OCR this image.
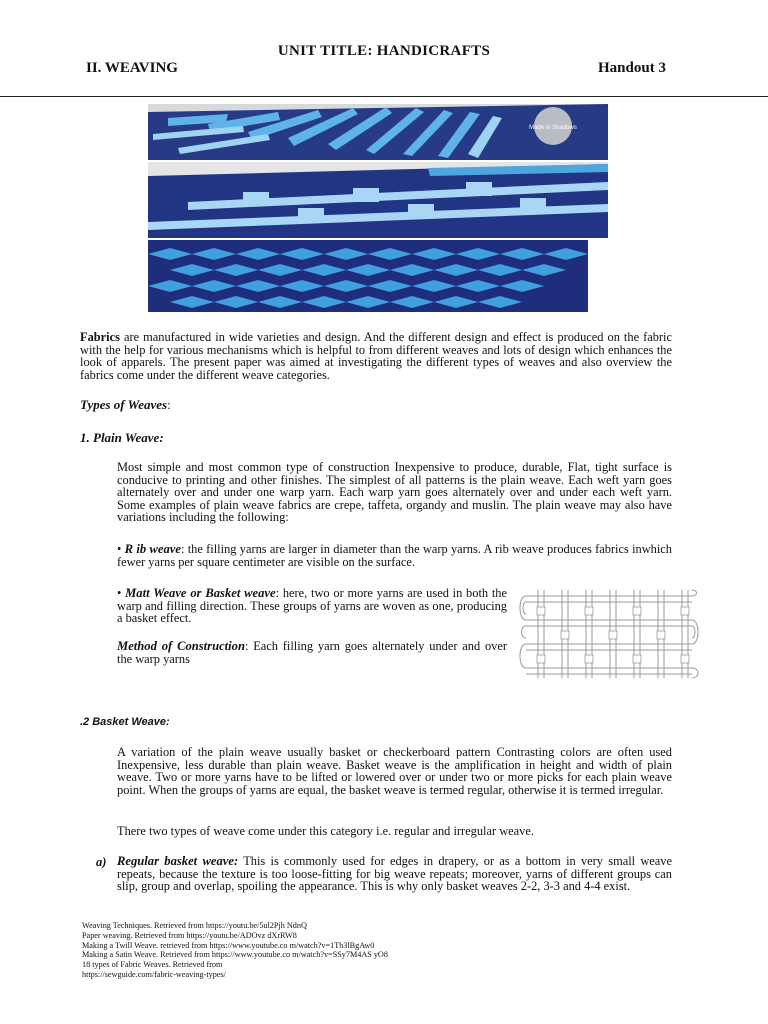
UNIT TITLE: HANDICRAFTS
II. WEAVING	Handout 3
Made in Shadows
Fabrics are manufactured in wide varieties and design. And the different design and effect is produced on the fabric with the help for various mechanisms which is helpful to from different weaves and lots of design which enhances the look of apparels. The present paper was aimed at investigating the different types of weaves and also overview the fabrics come under the different weave categories.
Types of Weaves:
1. Plain Weave:
Most simple and most common type of construction Inexpensive to produce, durable, Flat, tight surface is conducive to printing and other finishes. The simplest of all patterns is the plain weave. Each weft yarn goes alternately over and under one warp yarn. Each warp yarn goes alternately over and under each weft yarn. Some examples of plain weave fabrics are crepe, taffeta, organdy and muslin. The plain weave may also have variations including the following:
• R ib weave: the filling yarns are larger in diameter than the warp yarns. A rib weave produces fabrics inwhich fewer yarns per square centimeter are visible on the surface.
• Matt Weave or Basket weave: here, two or more yarns are used in both the warp and filling direction. These groups of yarns are woven as one, producing a basket effect.
Method of Construction: Each filling yarn goes alternately under and over the warp yarns
.2 Basket Weave:
A variation of the plain weave usually basket or checkerboard pattern Contrasting colors are often used Inexpensive, less durable than plain weave. Basket weave is the amplification in height and width of plain weave. Two or more yarns have to be lifted or lowered over or under two or more picks for each plain weave point. When the groups of yarns are equal, the basket weave is termed regular, otherwise it is termed irregular.
There two types of weave come under this category i.e. regular and irregular weave.
a) Regular basket weave: This is commonly used for edges in drapery, or as a bottom in very small weave repeats, because the texture is too loose-fitting for big weave repeats; moreover, yarns of different groups can slip, group and overlap, spoiling the appearance. This is why only basket weaves 2-2, 3-3 and 4-4 exist.
Weaving Techniques. Retrieved from https://youtu.be/5ul2Pjh NdnQ
Paper weaving. Retrieved from https://youtu.be/ADOvz dXrRW8
Making a Twill Weave. retrieved from https://www.youtube.co m/watch?v=1Tb3lBgAw0
Making a Satin Weave. Retrieved from https://www.youtube.co m/watch?v=SSy7M4AS yO8
18 types of Fabric Weaves. Retrieved from
https://sewguide.com/fabric-weaving-types/
